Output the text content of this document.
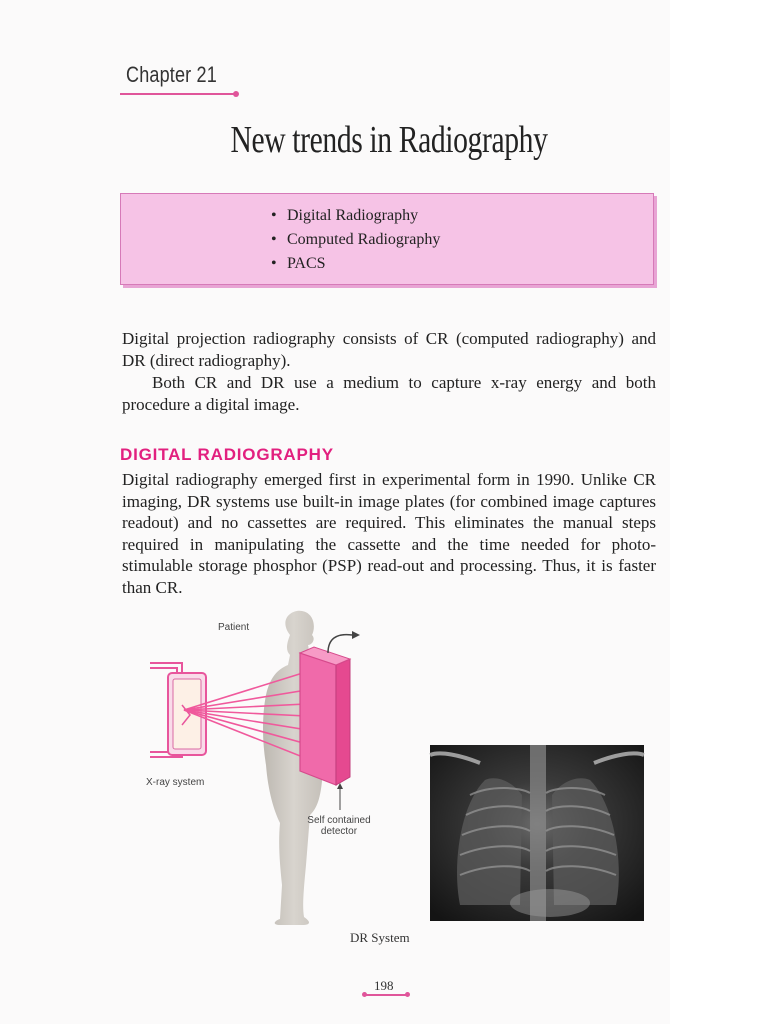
Chapter 21
New trends in Radiography
• Digital Radiography
• Computed Radiography
• PACS

Digital projection radiography consists of CR (computed radiography) and DR (direct radiography).

Both CR and DR use a medium to capture x-ray energy and both procedure a digital image.

DIGITAL RADIOGRAPHY

Digital radiography emerged first in experimental form in 1990. Unlike CR imaging, DR systems use built-in image plates (for combined image captures readout) and no cassettes are required. This eliminates the manual steps required in manipulating the cassette and the time needed for photo-stimulable storage phosphor (PSP) read-out and processing. Thus, it is faster than CR.

Patient
X-ray system
Self contained
detector
DR System
198
